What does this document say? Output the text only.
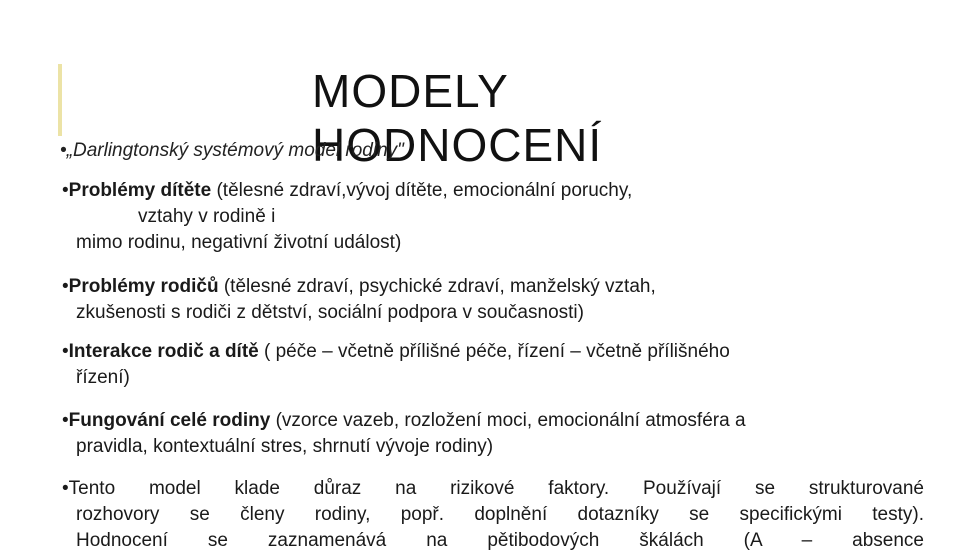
MODELY
HODNOCENÍ
•„Darlingtonský systémový model rodiny"
•Problémy dítěte (tělesné zdraví,vývoj dítěte, emocionální poruchy,
vztahy v rodině i
mimo rodinu, negativní životní událost)
•Problémy rodičů (tělesné zdraví, psychické zdraví, manželský vztah,
zkušenosti s rodiči z dětství, sociální podpora v současnosti)
•Interakce rodič a dítě ( péče – včetně přílišné péče, řízení – včetně přílišného
řízení)
•Fungování celé rodiny (vzorce vazeb, rozložení moci, emocionální atmosféra a
pravidla, kontextuální stres, shrnutí vývoje rodiny)
•Tento model klade důraz na rizikové faktory. Používají se strukturované
rozhovory se členy rodiny, popř. doplnění dotazníky se specifickými testy).
Hodnocení se zaznamenává na pětibodových škálách (A – absence
